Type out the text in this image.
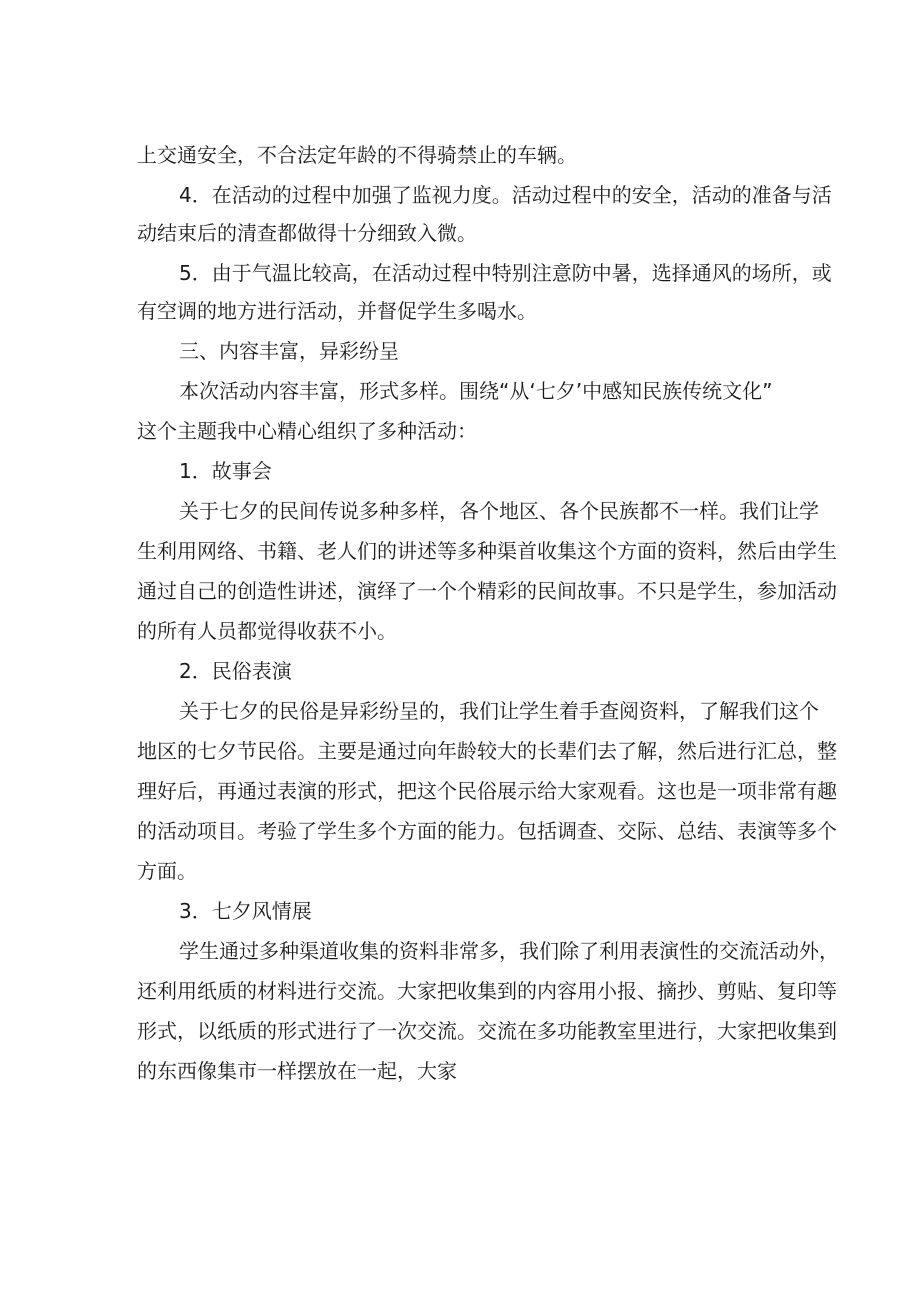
上交通安全，不合法定年龄的不得骑禁止的车辆。
4．在活动的过程中加强了监视力度。活动过程中的安全，活动的准备与活
动结束后的清查都做得十分细致入微。
5．由于气温比较高，在活动过程中特别注意防中暑，选择通风的场所，或
有空调的地方进行活动，并督促学生多喝水。
三、内容丰富，异彩纷呈
本次活动内容丰富，形式多样。围绕“从‘七夕’中感知民族传统文化”
这个主题我中心精心组织了多种活动：
1．故事会
关于七夕的民间传说多种多样，各个地区、各个民族都不一样。我们让学
生利用网络、书籍、老人们的讲述等多种渠首收集这个方面的资料，然后由学生
通过自己的创造性讲述，演绎了一个个精彩的民间故事。不只是学生，参加活动
的所有人员都觉得收获不小。
2．民俗表演
关于七夕的民俗是异彩纷呈的，我们让学生着手查阅资料，了解我们这个
地区的七夕节民俗。主要是通过向年龄较大的长辈们去了解，然后进行汇总，整
理好后，再通过表演的形式，把这个民俗展示给大家观看。这也是一项非常有趣
的活动项目。考验了学生多个方面的能力。包括调查、交际、总结、表演等多个
方面。
3．七夕风情展
学生通过多种渠道收集的资料非常多，我们除了利用表演性的交流活动外，
还利用纸质的材料进行交流。大家把收集到的内容用小报、摘抄、剪贴、复印等
形式，以纸质的形式进行了一次交流。交流在多功能教室里进行，大家把收集到
的东西像集市一样摆放在一起，大家
